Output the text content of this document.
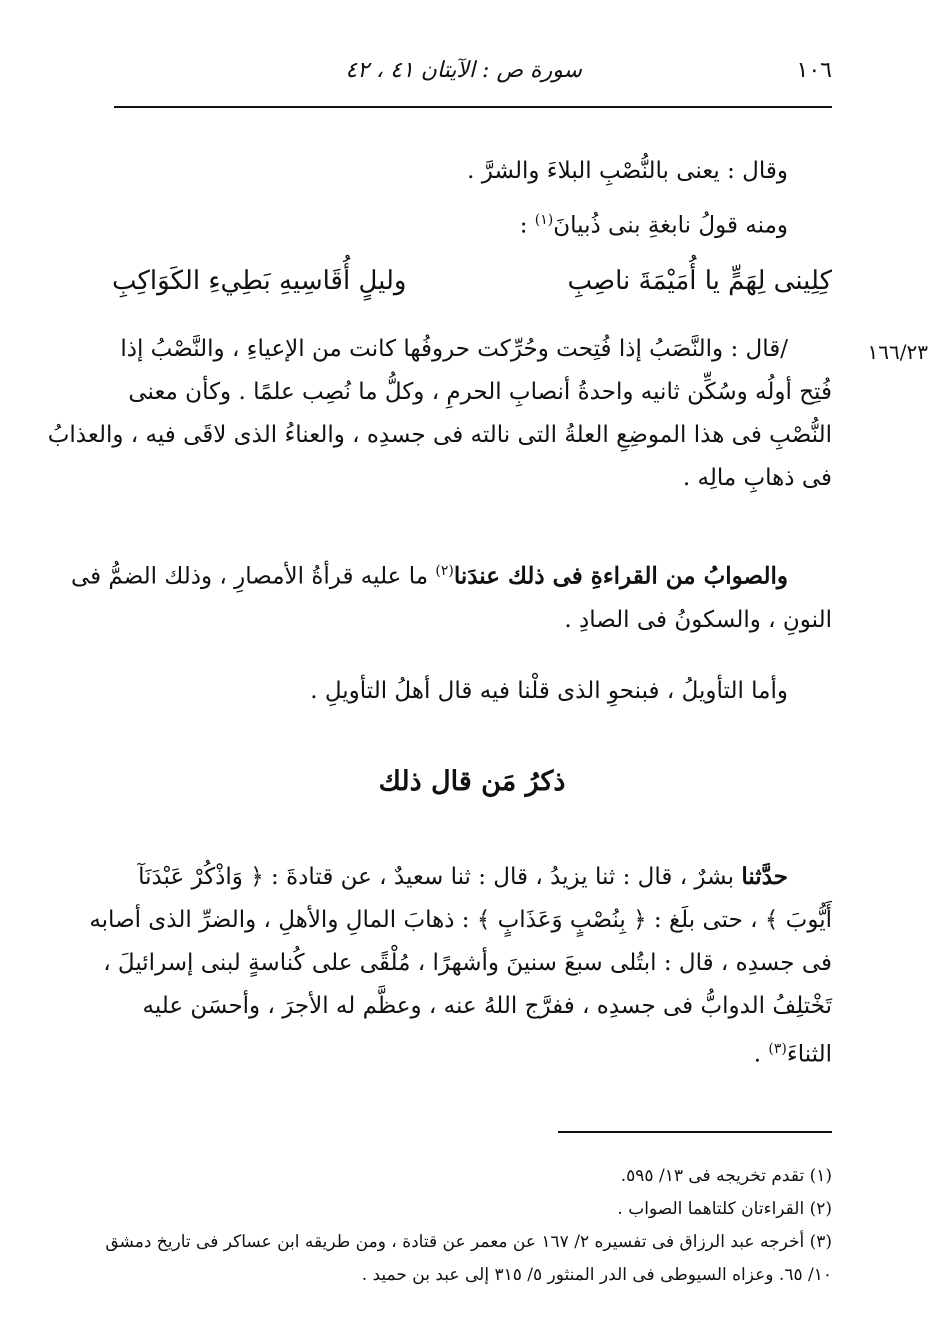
١٠٦
سورة ص : الآيتان ٤١ ، ٤٢
وقال : يعنى بالنُّصْبِ البلاءَ والشرَّ .
ومنه قولُ نابغةِ بنى ذُبيانَ$^{(١)}$ :
كِلِينى لِهَمٍّ يا أُمَيْمَةَ ناصِبِ
وليلٍ أُقَاسِيهِ بَطِيءِ الكَوَاكِبِ
١٦٦/٢٣
/قال : والنَّصَبُ إذا فُتِحت وحُرِّكت حروفُها كانت من الإعياءِ ، والنَّصْبُ إذا
فُتِح أولُه وسُكِّن ثانيه واحدةُ أنصابِ الحرمِ ، وكلُّ ما نُصِب علمًا . وكأن معنى
النُّصْبِ فى هذا الموضِعِ العلةُ التى نالته فى جسدِه ، والعناءُ الذى لاقَى فيه ، والعذابُ
فى ذهابِ مالِه .
والصوابُ من القراءةِ فى ذلك عندَنا$^{(٢)}$ ما عليه قرأةُ الأمصارِ ، وذلك الضمُّ فى
النونِ ، والسكونُ فى الصادِ .
وأما التأويلُ ، فبنحوِ الذى قلْنا فيه قال أهلُ التأويلِ .
ذكرُ مَن قال ذلك
حدَّثنا بشرٌ ، قال : ثنا يزيدُ ، قال : ثنا سعيدٌ ، عن قتادةَ : ﴿ وَاذْكُرْ عَبْدَنَآ
أَيُّوبَ ﴾ ، حتى بلَغ : ﴿ بِنُصْبٍ وَعَذَابٍ ﴾ : ذهابَ المالِ والأهلِ ، والضرِّ الذى أصابه
فى جسدِه ، قال : ابتُلى سبعَ سنينَ وأشهرًا ، مُلْقًى على كُناسةٍ لبنى إسرائيلَ ،
تَخْتلِفُ الدوابُّ فى جسدِه ، ففرَّج اللهُ عنه ، وعظَّم له الأجرَ ، وأحسَن عليه
الثناءَ$^{(٣)}$ .
(١) تقدم تخريجه فى ١٣/ ٥٩٥.
(٢) القراءتان كلتاهما الصواب .
(٣) أخرجه عبد الرزاق فى تفسيره ٢/ ١٦٧ عن معمر عن قتادة ، ومن طريقه ابن عساكر فى تاريخ دمشق
١٠/ ٦٥. وعزاه السيوطى فى الدر المنثور ٥/ ٣١٥ إلى عبد بن حميد .
